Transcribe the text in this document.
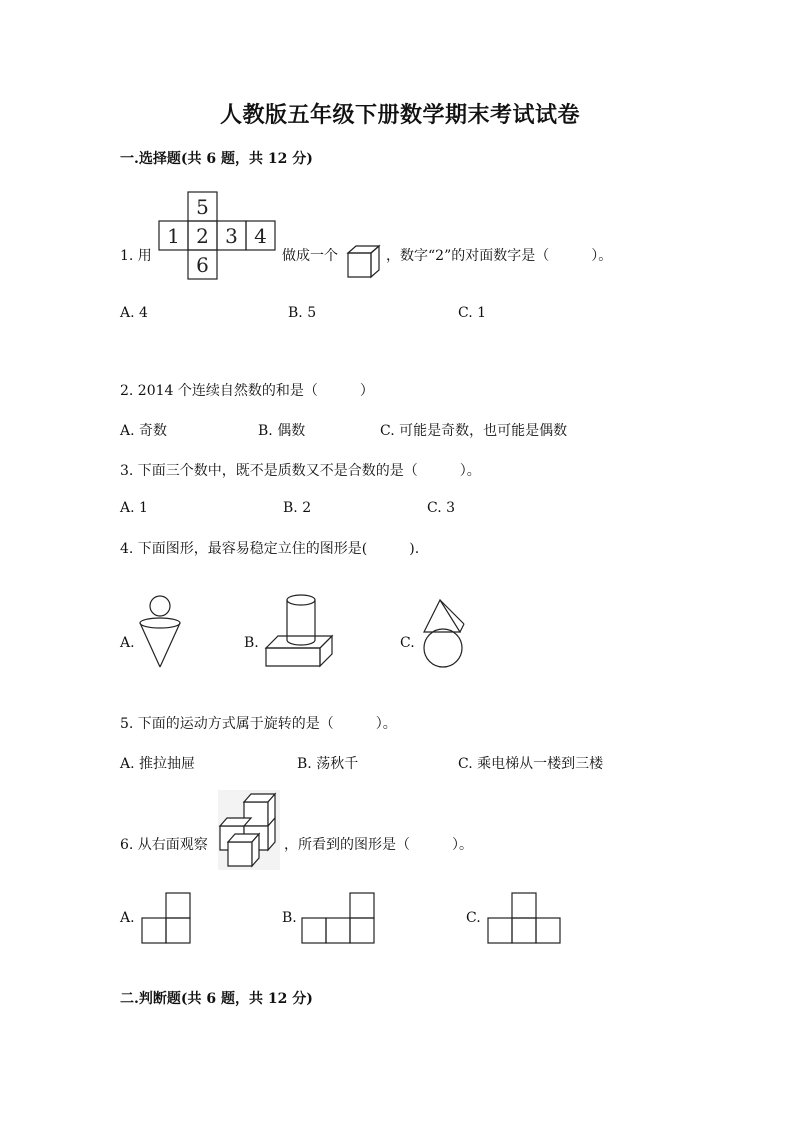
人教版五年级下册数学期末考试试卷
一.选择题(共 6 题，共 12 分)
1. 用
5
1 2 3 4
6	做成一个	，数字“2”的对面数字是（　　　）。
A. 4	B. 5	C. 1
2. 2014 个连续自然数的和是（　　　）
A. 奇数	B. 偶数	C. 可能是奇数，也可能是偶数
3. 下面三个数中，既不是质数又不是合数的是（　　　）。
A. 1	B. 2	C. 3
4. 下面图形，最容易稳定立住的图形是(　　　).
A.	B.	C.
5. 下面的运动方式属于旋转的是（　　　）。
A. 推拉抽屉	B. 荡秋千	C. 乘电梯从一楼到三楼
6. 从右面观察	，所看到的图形是（　　　）。
A.	B.	C.
二.判断题(共 6 题，共 12 分)
